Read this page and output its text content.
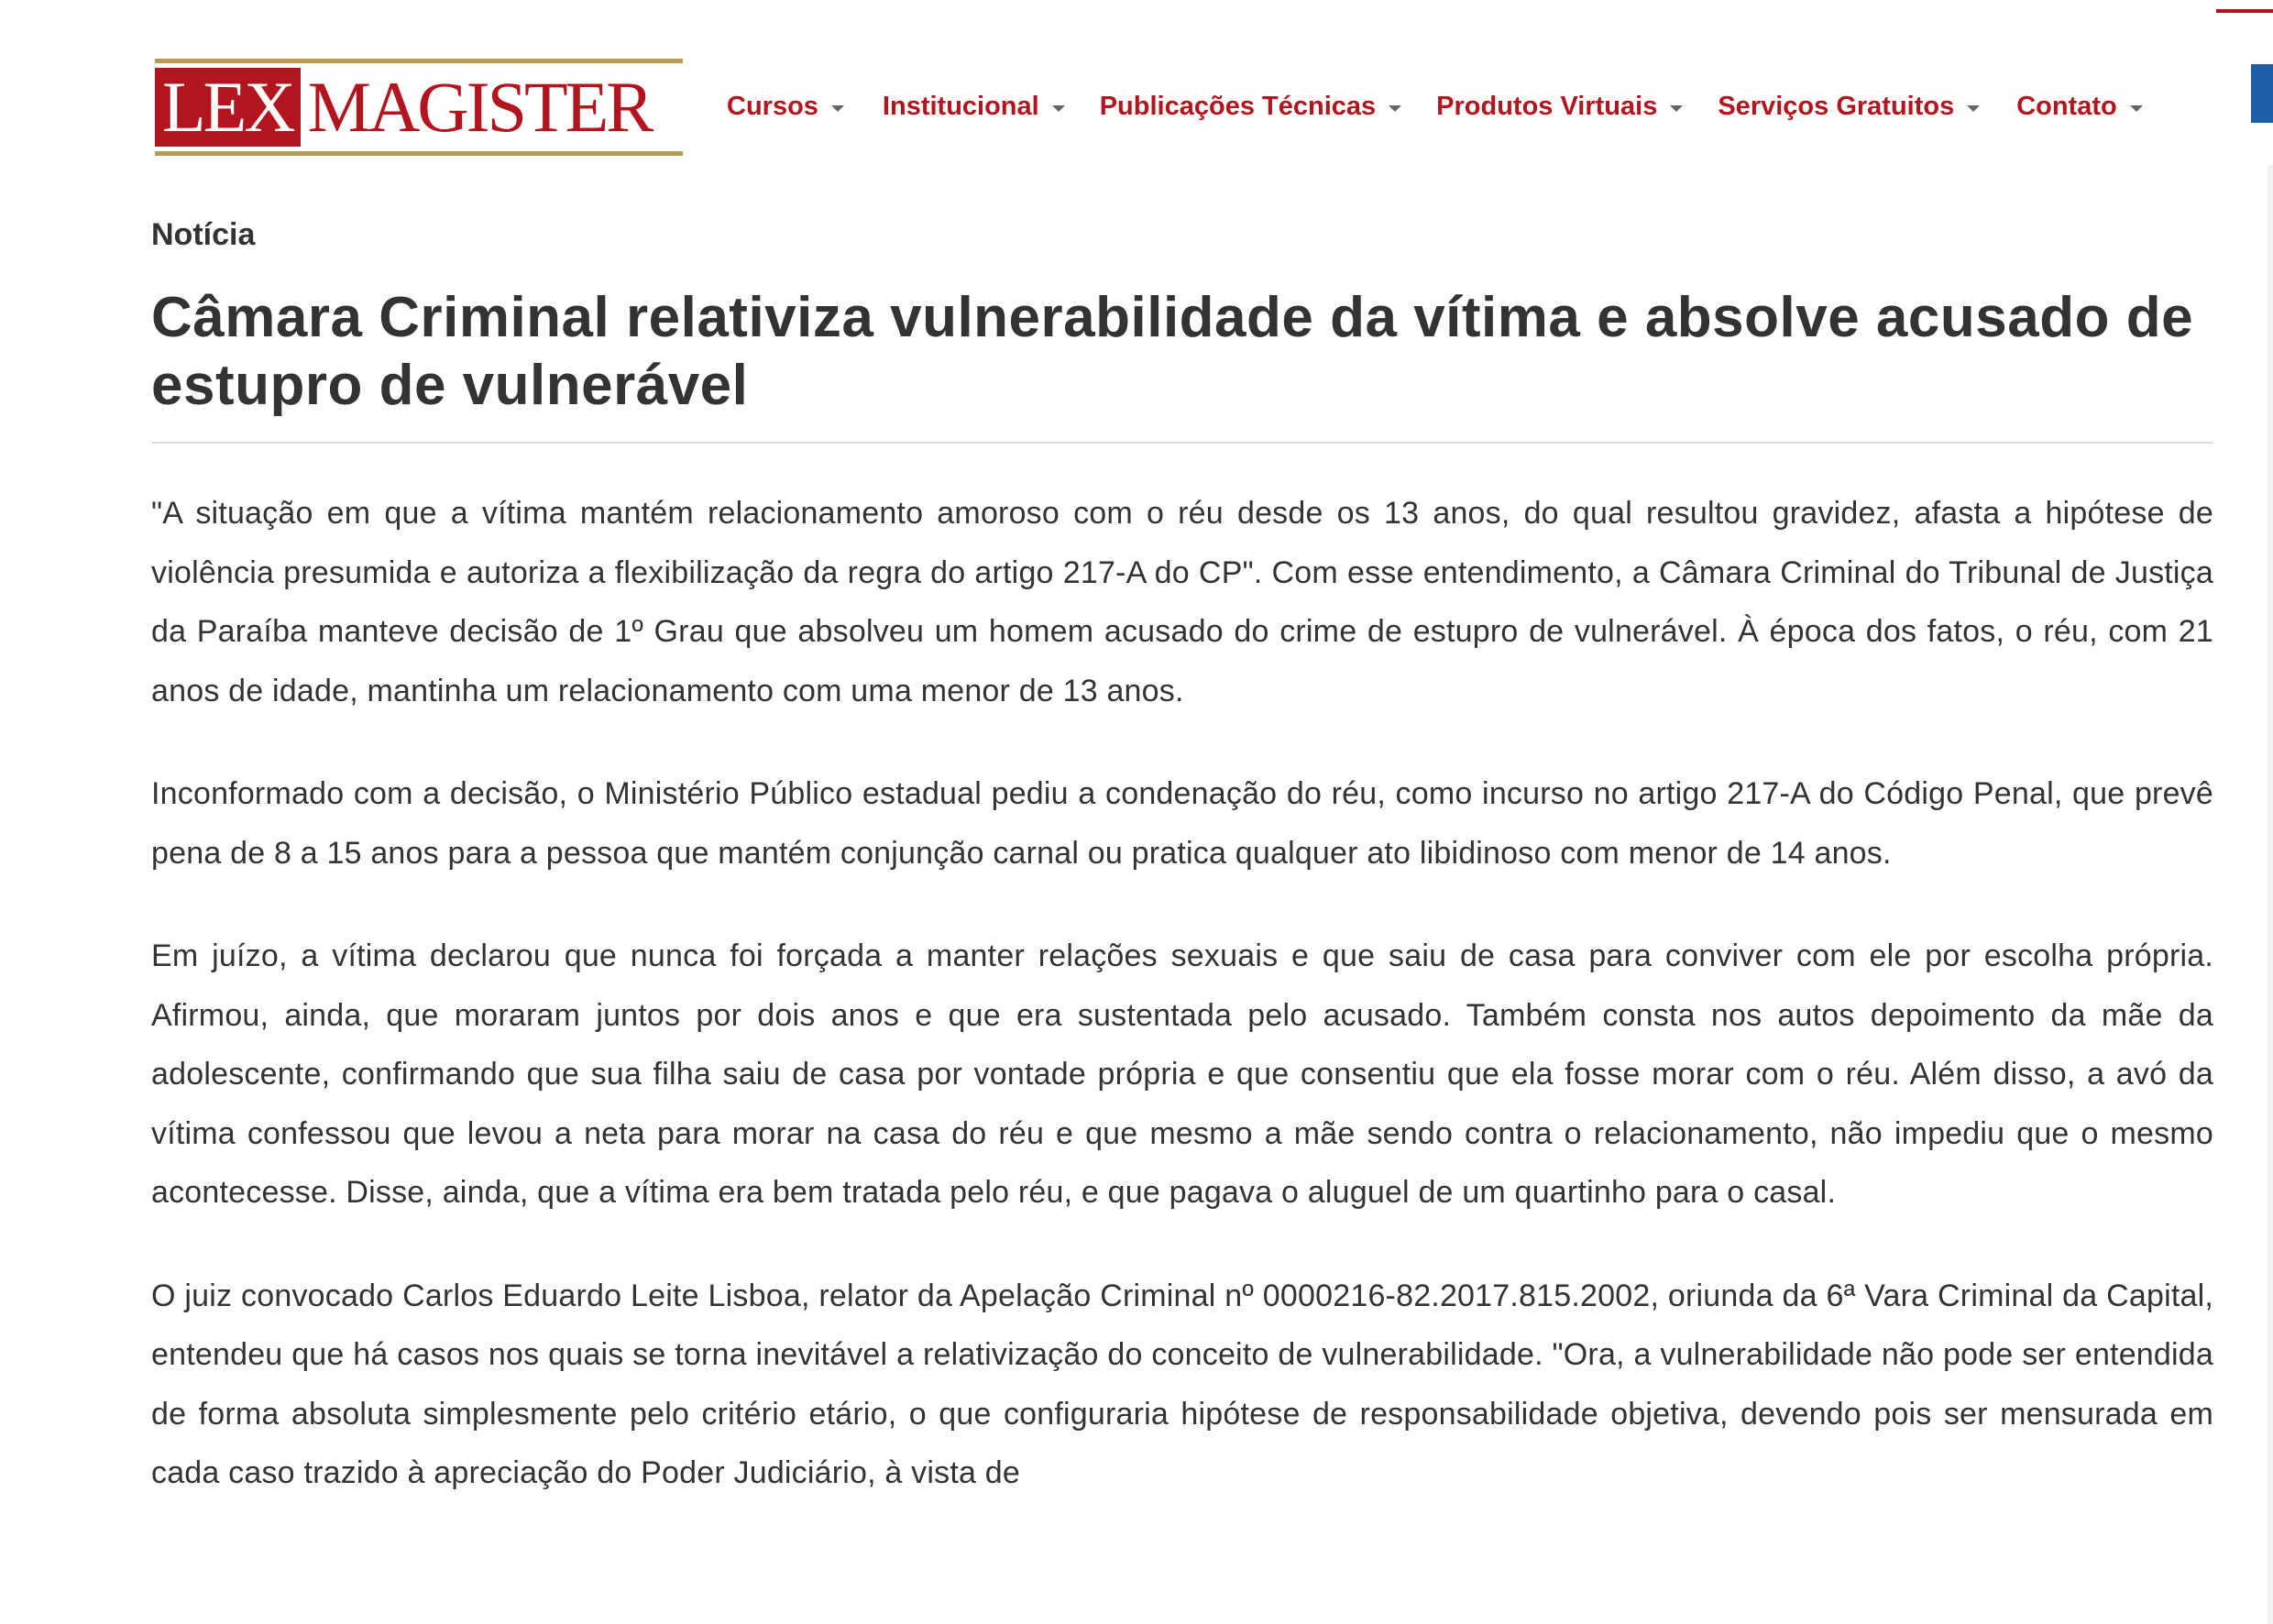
LEX MAGISTER	Cursos Institucional Publicações Técnicas Produtos Virtuais Serviços Gratuitos Contato
Notícia
Câmara Criminal relativiza vulnerabilidade da vítima e absolve acusado de estupro de vulnerável

"A situação em que a vítima mantém relacionamento amoroso com o réu desde os 13 anos, do qual resultou gravidez, afasta a hipótese de violência presumida e autoriza a flexibilização da regra do artigo 217-A do CP". Com esse entendimento, a Câmara Criminal do Tribunal de Justiça da Paraíba manteve decisão de 1º Grau que absolveu um homem acusado do crime de estupro de vulnerável. À época dos fatos, o réu, com 21 anos de idade, mantinha um relacionamento com uma menor de 13 anos.

Inconformado com a decisão, o Ministério Público estadual pediu a condenação do réu, como incurso no artigo 217-A do Código Penal, que prevê pena de 8 a 15 anos para a pessoa que mantém conjunção carnal ou pratica qualquer ato libidinoso com menor de 14 anos.

Em juízo, a vítima declarou que nunca foi forçada a manter relações sexuais e que saiu de casa para conviver com ele por escolha própria. Afirmou, ainda, que moraram juntos por dois anos e que era sustentada pelo acusado. Também consta nos autos depoimento da mãe da adolescente, confirmando que sua filha saiu de casa por vontade própria e que consentiu que ela fosse morar com o réu. Além disso, a avó da vítima confessou que levou a neta para morar na casa do réu e que mesmo a mãe sendo contra o relacionamento, não impediu que o mesmo acontecesse. Disse, ainda, que a vítima era bem tratada pelo réu, e que pagava o aluguel de um quartinho para o casal.

O juiz convocado Carlos Eduardo Leite Lisboa, relator da Apelação Criminal nº 0000216-82.2017.815.2002, oriunda da 6ª Vara Criminal da Capital, entendeu que há casos nos quais se torna inevitável a relativização do conceito de vulnerabilidade. "Ora, a vulnerabilidade não pode ser entendida de forma absoluta simplesmente pelo critério etário, o que configuraria hipótese de responsabilidade objetiva, devendo pois ser mensurada em cada caso trazido à apreciação do Poder Judiciário, à vista de
